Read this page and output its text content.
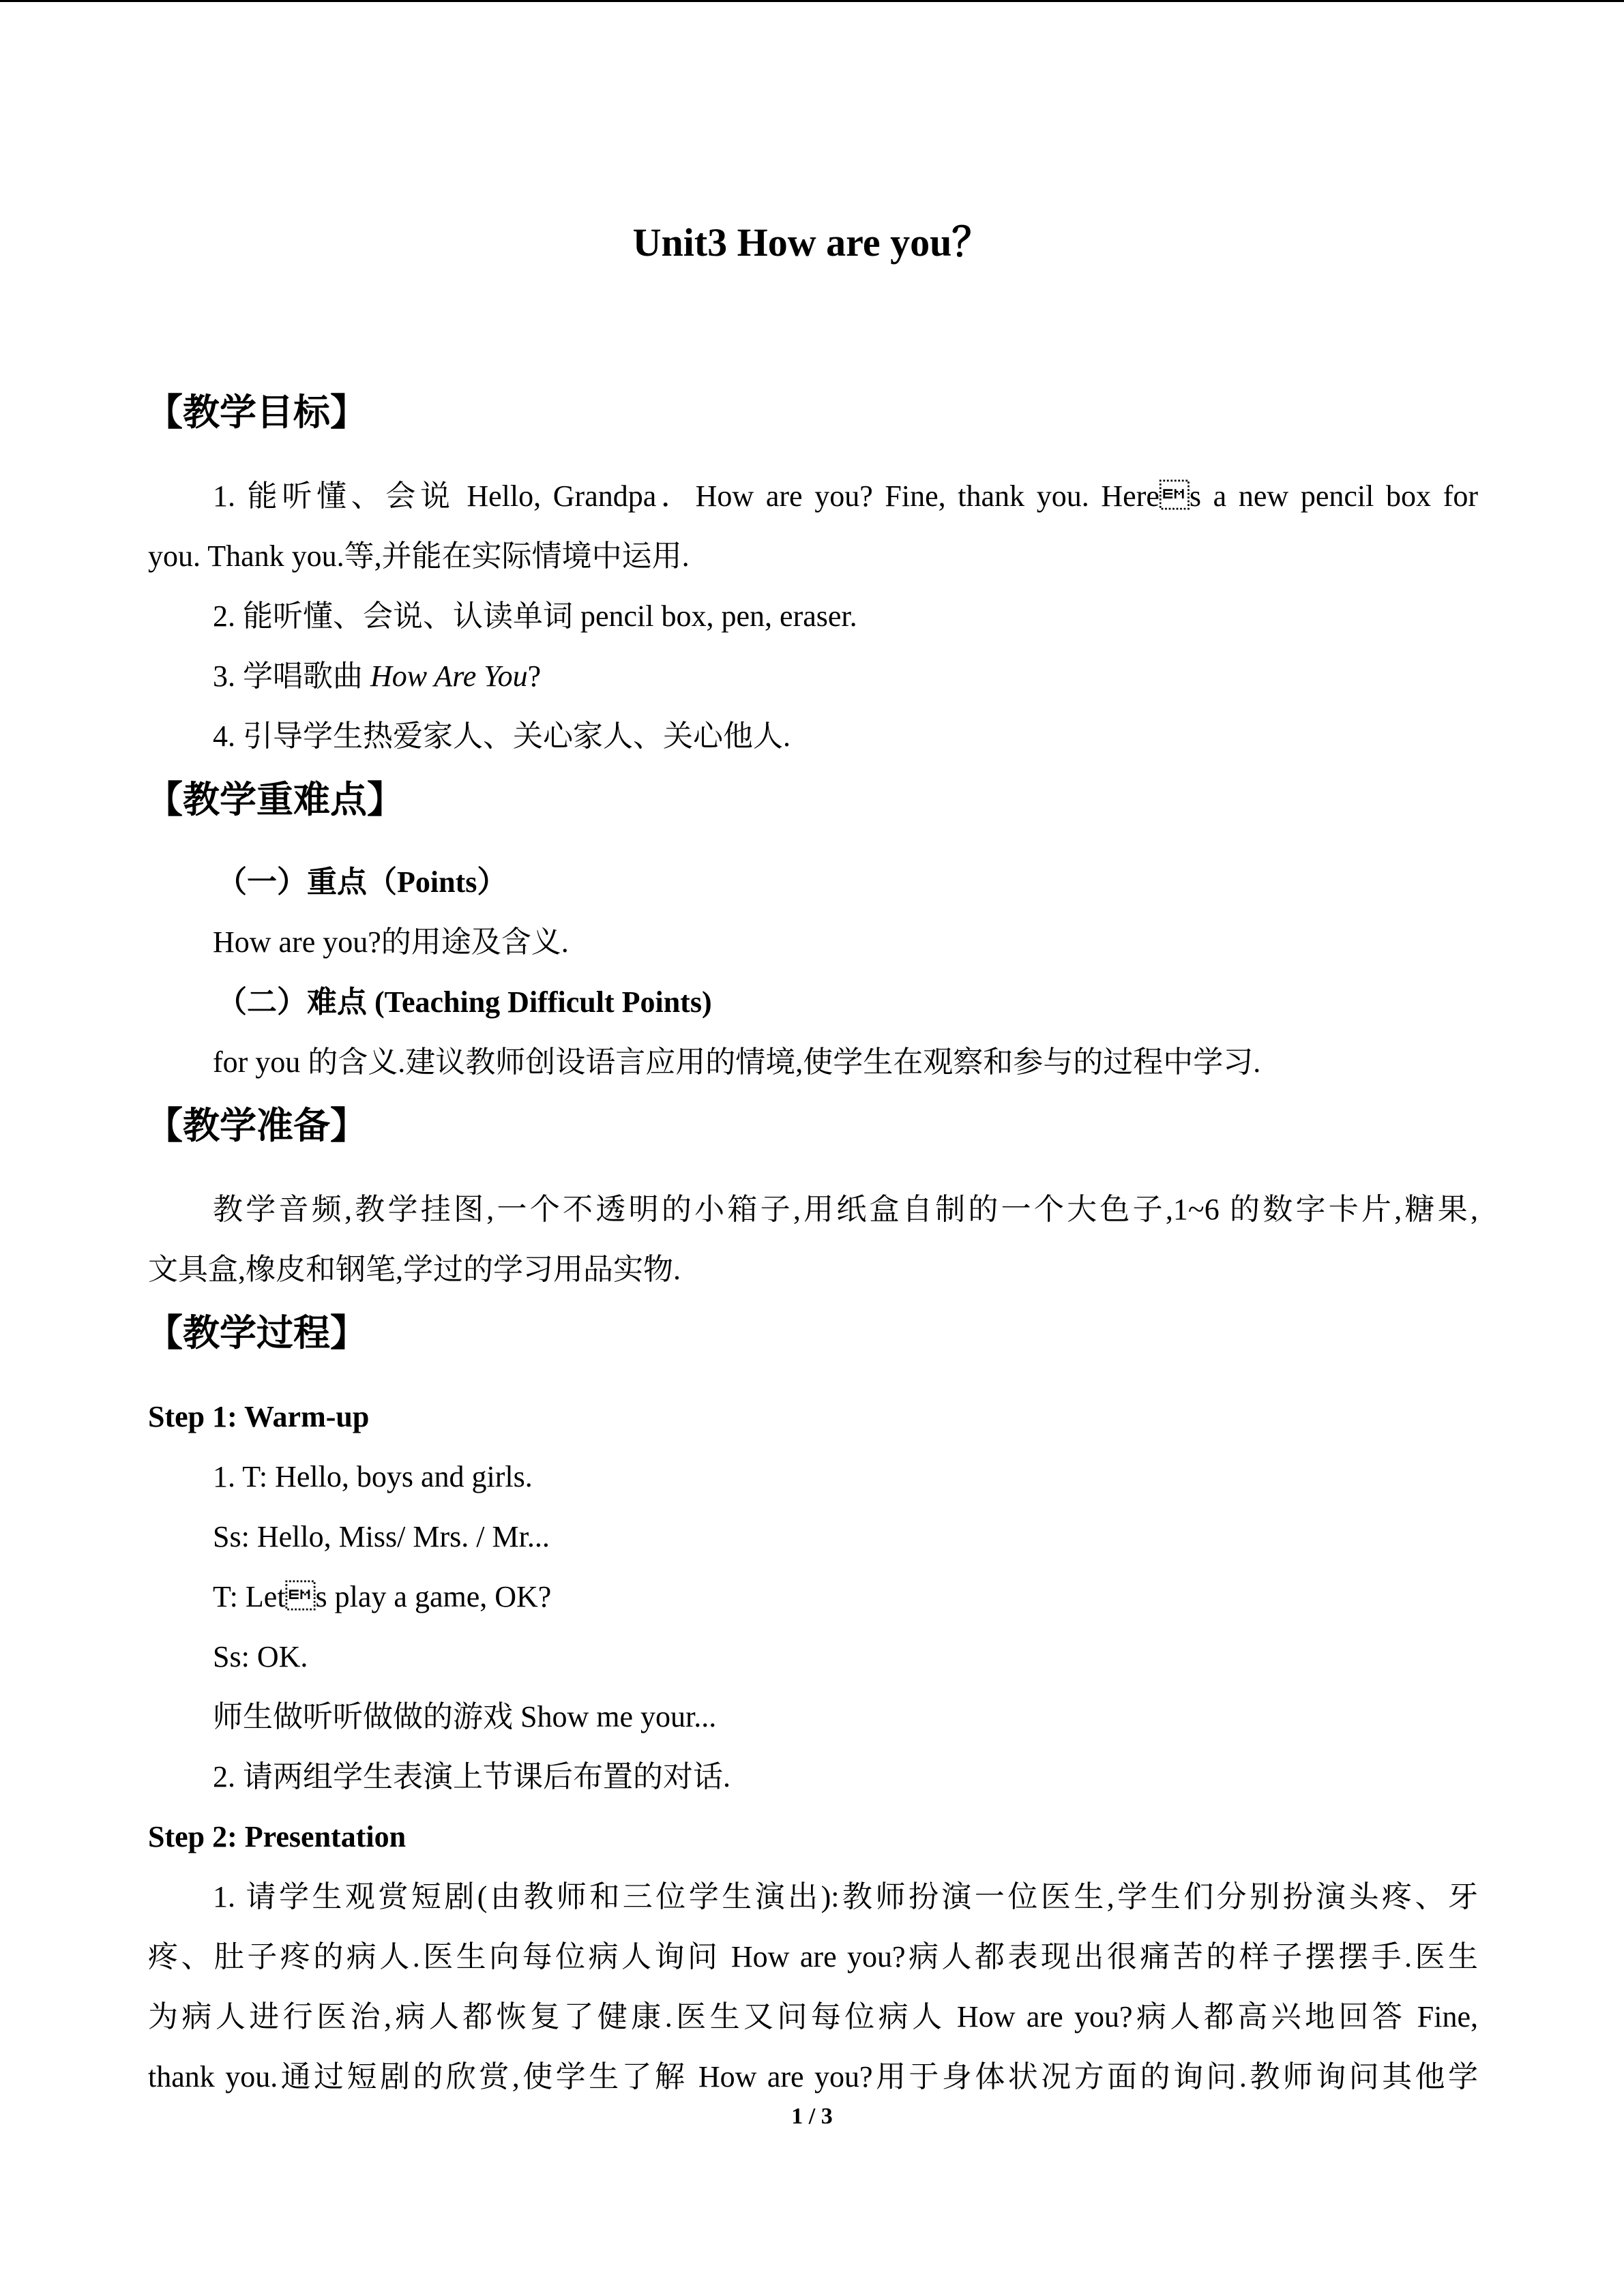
Unit3 How are you？
【教学目标】
1. 能听懂、会说 Hello, Grandpa．How are you? Fine, thank you. Heres a new pencil box for
you. Thank you.等,并能在实际情境中运用.
2. 能听懂、会说、认读单词 pencil box, pen, eraser.
3. 学唱歌曲 How Are You?
4. 引导学生热爱家人、关心家人、关心他人.
【教学重难点】
（一）重点（Points）
How are you?的用途及含义.
（二）难点 (Teaching Difficult Points)
for you 的含义.建议教师创设语言应用的情境,使学生在观察和参与的过程中学习.
【教学准备】
教学音频,教学挂图,一个不透明的小箱子,用纸盒自制的一个大色子,1~6 的数字卡片,糖果,
文具盒,橡皮和钢笔,学过的学习用品实物.
【教学过程】
Step 1: Warm-up
1. T: Hello, boys and girls.
Ss: Hello, Miss/ Mrs. / Mr...
T: Lets play a game, OK?
Ss: OK.
师生做听听做做的游戏 Show me your...
2. 请两组学生表演上节课后布置的对话.
Step 2: Presentation
1. 请学生观赏短剧(由教师和三位学生演出):教师扮演一位医生,学生们分别扮演头疼、牙
疼、肚子疼的病人.医生向每位病人询问 How are you?病人都表现出很痛苦的样子摆摆手.医生
为病人进行医治,病人都恢复了健康.医生又问每位病人 How are you?病人都高兴地回答 Fine,
thank you.通过短剧的欣赏,使学生了解 How are you?用于身体状况方面的询问.教师询问其他学
1 / 3
